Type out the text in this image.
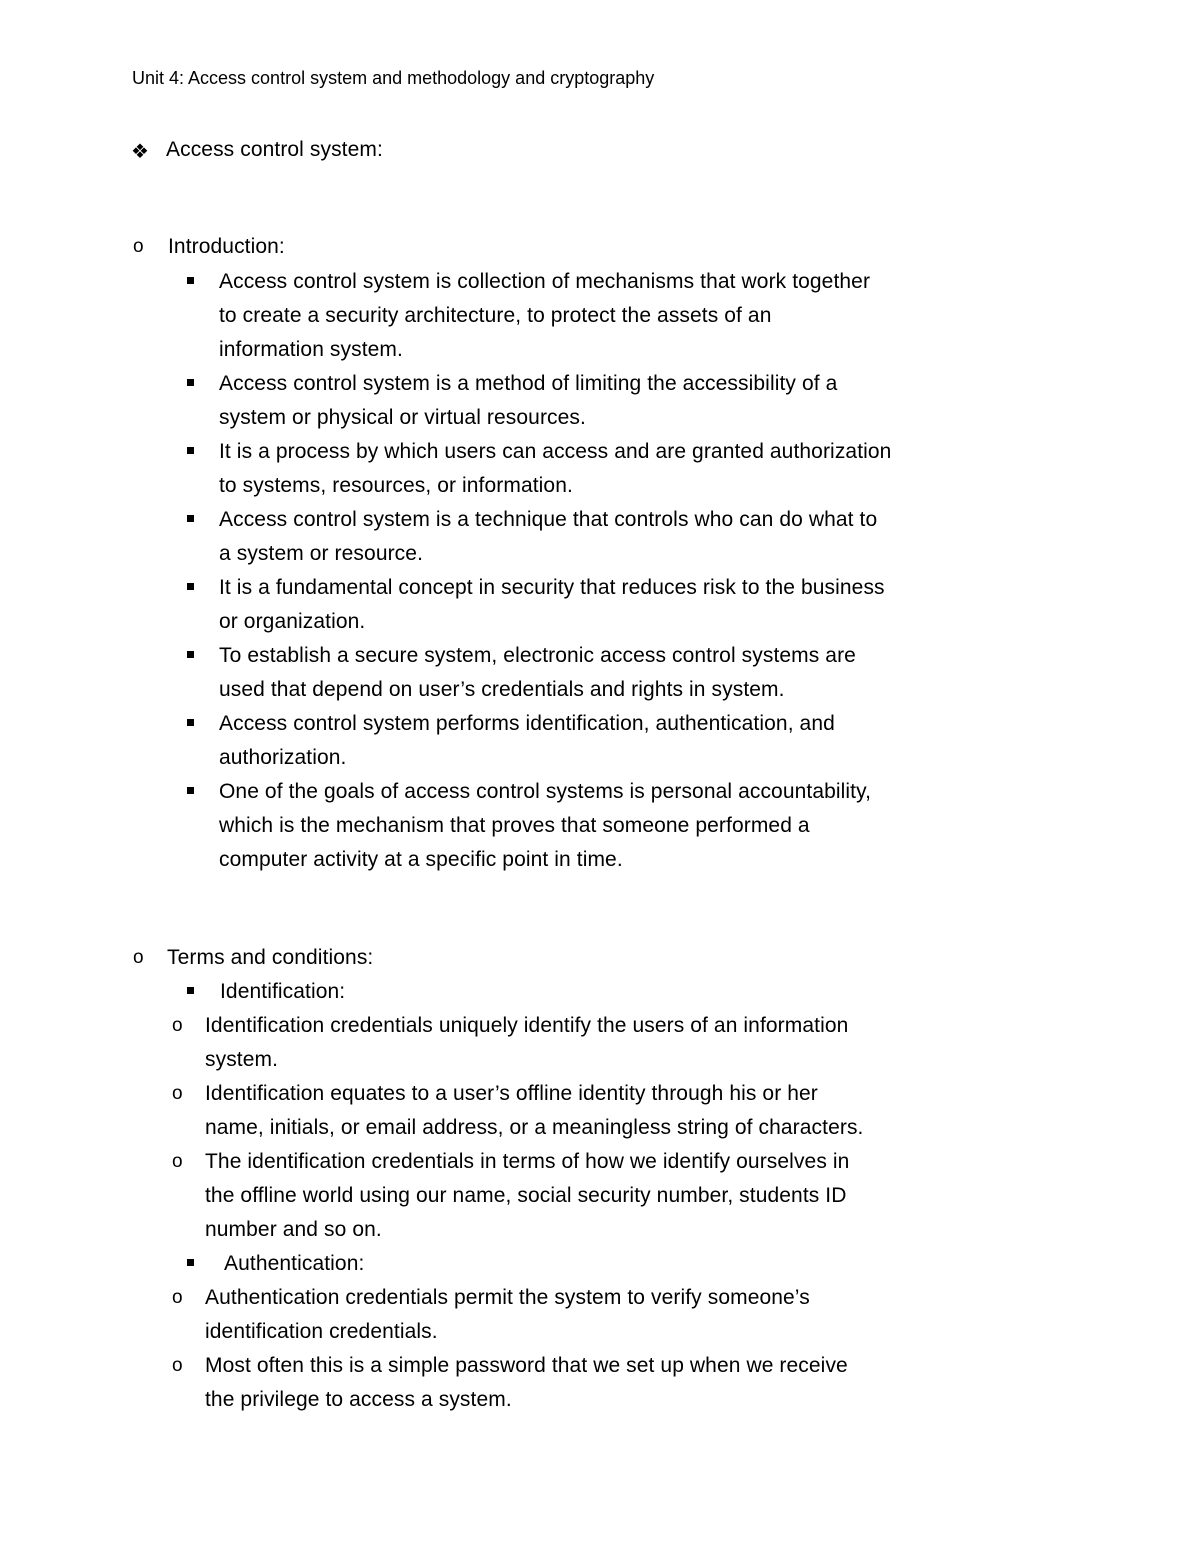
Unit 4: Access control system and methodology and cryptography
❖ Access control system:
o Introduction:
Access control system is collection of mechanisms that work together
to create a security architecture, to protect the assets of an
information system.
Access control system is a method of limiting the accessibility of a
system or physical or virtual resources.
It is a process by which users can access and are granted authorization
to systems, resources, or information.
Access control system is a technique that controls who can do what to
a system or resource.
It is a fundamental concept in security that reduces risk to the business
or organization.
To establish a secure system, electronic access control systems are
used that depend on user’s credentials and rights in system.
Access control system performs identification, authentication, and
authorization.
One of the goals of access control systems is personal accountability,
which is the mechanism that proves that someone performed a
computer activity at a specific point in time.
o Terms and conditions:
Identification:
o Identification credentials uniquely identify the users of an information
system.
o Identification equates to a user’s offline identity through his or her
name, initials, or email address, or a meaningless string of characters.
o The identification credentials in terms of how we identify ourselves in
the offline world using our name, social security number, students ID
number and so on.
Authentication:
o Authentication credentials permit the system to verify someone’s
identification credentials.
o Most often this is a simple password that we set up when we receive
the privilege to access a system.
